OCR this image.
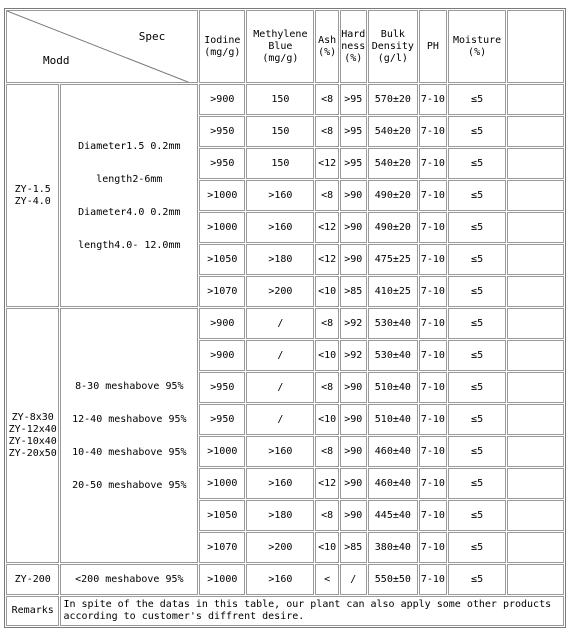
Spec
Modd		Iodine
(mg/g)	Methylene
Blue
(mg/g)	Ash
(%)	Hard
ness
(%)	Bulk
Density
(g/l)	PH	Moisture
(%)	

ZY-1.5
ZY-4.0	Diameter1.5 0.2mm
length2-6mm
Diameter4.0 0.2mm
length4.0- 12.0mm	>900	150	<8	>95	570±20	7-10	≤5	
		>950	150	<8	>95	540±20	7-10	≤5	
		>950	150	<12	>95	540±20	7-10	≤5	
		>1000	>160	<8	>90	490±20	7-10	≤5	
		>1000	>160	<12	>90	490±20	7-10	≤5	
		>1050	>180	<12	>90	475±25	7-10	≤5	
		>1070	>200	<10	>85	410±25	7-10	≤5	

ZY-8x30
ZY-12x40
ZY-10x40
ZY-20x50	8-30 meshabove 95%
12-40 meshabove 95%
10-40 meshabove 95%
20-50 meshabove 95%	>900	/	<8	>92	530±40	7-10	≤5	
		>900	/	<10	>92	530±40	7-10	≤5	
		>950	/	<8	>90	510±40	7-10	≤5	
		>950	/	<10	>90	510±40	7-10	≤5	
		>1000	>160	<8	>90	460±40	7-10	≤5	
		>1000	>160	<12	>90	460±40	7-10	≤5	
		>1050	>180	<8	>90	445±40	7-10	≤5	
		>1070	>200	<10	>85	380±40	7-10	≤5	
ZY-200	<200 meshabove 95%	>1000	>160	<	/	550±50	7-10	≤5	
Remarks	In spite of the datas in this table, our plant can also apply some other products according to customer's diffrent desire.								
